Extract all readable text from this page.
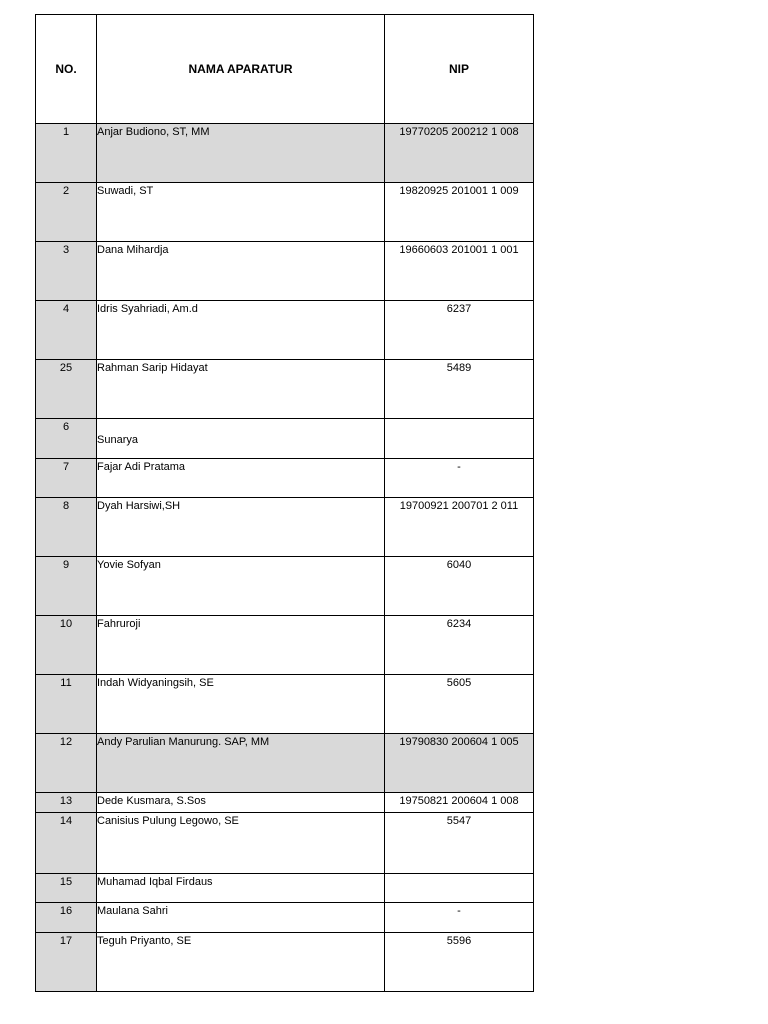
NO.	NAMA APARATUR	NIP
1	Anjar Budiono, ST, MM	19770205 200212 1 008
2	Suwadi, ST	19820925 201001 1 009
3	Dana Mihardja	19660603 201001 1 001
4	Idris Syahriadi, Am.d	6237
25	Rahman Sarip Hidayat	5489
6	Sunarya	
7	Fajar Adi Pratama	-
8	Dyah Harsiwi,SH	19700921 200701 2 011
9	Yovie Sofyan	6040
10	Fahruroji	6234
11	Indah Widyaningsih, SE	5605
12	Andy Parulian Manurung. SAP, MM	19790830 200604 1 005
13	Dede Kusmara, S.Sos	19750821 200604 1 008
14	Canisius Pulung Legowo, SE	5547
15	Muhamad Iqbal Firdaus	
16	Maulana Sahri	-
17	Teguh Priyanto, SE	5596
